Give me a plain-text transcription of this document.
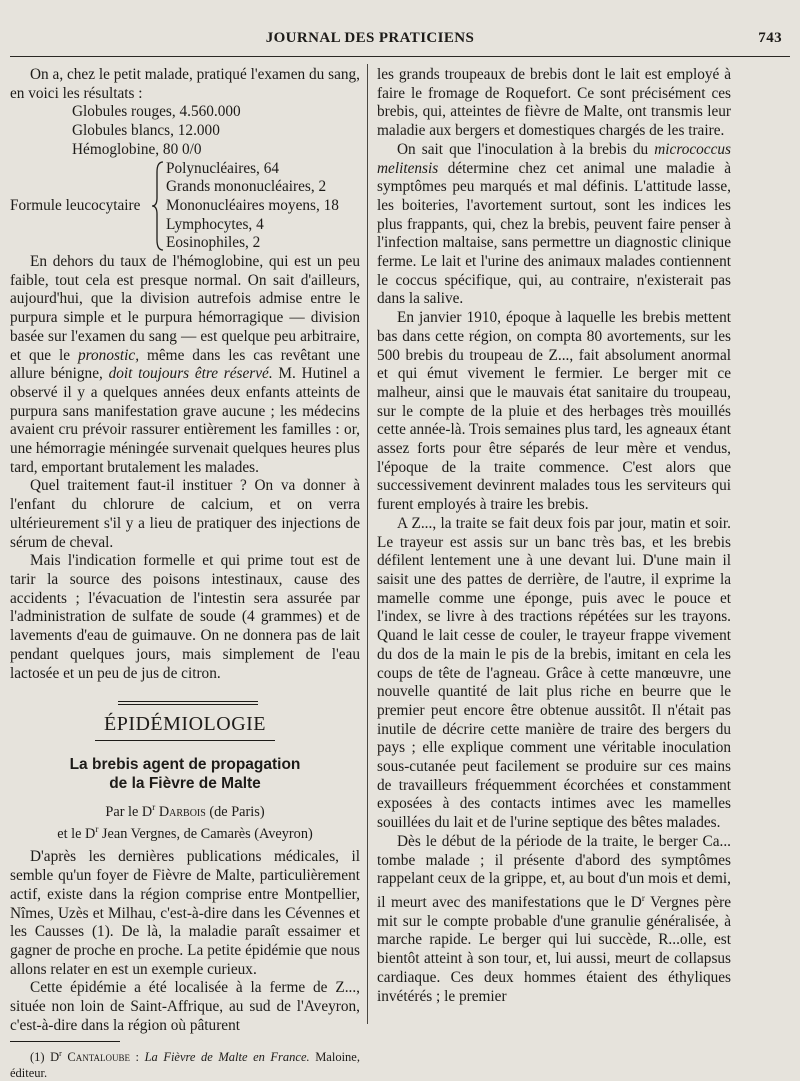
JOURNAL DES PRATICIENS	743

On a, chez le petit malade, pratiqué l'examen du sang, en voici les résultats :

Globules rouges, 4.560.000
Globules blancs, 12.000
Hémoglobine, 80 0/0
Formule leucocytaire
Polynucléaires, 64
Grands mononucléaires, 2
Mononucléaires moyens, 18
Lymphocytes, 4
Eosinophiles, 2

En dehors du taux de l'hémoglobine, qui est un peu faible, tout cela est presque normal. On sait d'ailleurs, aujourd'hui, que la division autrefois admise entre le purpura simple et le purpura hémorragique — division basée sur l'examen du sang — est quelque peu arbitraire, et que le pronostic, même dans les cas revêtant une allure bénigne, doit toujours être réservé. M. Hutinel a observé il y a quelques années deux enfants atteints de purpura sans manifestation grave aucune ; les médecins avaient cru prévoir rassurer entièrement les familles : or, une hémorragie méningée survenait quelques heures plus tard, emportant brutalement les malades.

Quel traitement faut-il instituer ? On va donner à l'enfant du chlorure de calcium, et on verra ultérieurement s'il y a lieu de pratiquer des injections de sérum de cheval.

Mais l'indication formelle et qui prime tout est de tarir la source des poisons intestinaux, cause des accidents ; l'évacuation de l'intestin sera assurée par l'administration de sulfate de soude (4 grammes) et de lavements d'eau de guimauve. On ne donnera pas de lait pendant quelques jours, mais simplement de l'eau lactosée et un peu de jus de citron.

ÉPIDÉMIOLOGIE
La brebis agent de propagation
de la Fièvre de Malte
Par le $D^r$ Darbois (de Paris)
et le $D^r$ Jean Vergnes, de Camarès (Aveyron)

D'après les dernières publications médicales, il semble qu'un foyer de Fièvre de Malte, particulièrement actif, existe dans la région comprise entre Montpellier, Nîmes, Uzès et Milhau, c'est-à-dire dans les Cévennes et les Causses (1). De là, la maladie paraît essaimer et gagner de proche en proche. La petite épidémie que nous allons relater en est un exemple curieux.

Cette épidémie a été localisée à la ferme de Z..., située non loin de Saint-Affrique, au sud de l'Aveyron, c'est-à-dire dans la région où pâturent

(1) $D^r$ Cantaloube : La Fièvre de Malte en France. Maloine, éditeur.

les grands troupeaux de brebis dont le lait est employé à faire le fromage de Roquefort. Ce sont précisément ces brebis, qui, atteintes de fièvre de Malte, ont transmis leur maladie aux bergers et domestiques chargés de les traire.

On sait que l'inoculation à la brebis du micrococcus melitensis détermine chez cet animal une maladie à symptômes peu marqués et mal définis. L'attitude lasse, les boiteries, l'avortement surtout, sont les indices les plus frappants, qui, chez la brebis, peuvent faire penser à l'infection maltaise, sans permettre un diagnostic clinique ferme. Le lait et l'urine des animaux malades contiennent le coccus spécifique, qui, au contraire, n'existerait pas dans la salive.

En janvier 1910, époque à laquelle les brebis mettent bas dans cette région, on compta 80 avortements, sur les 500 brebis du troupeau de Z..., fait absolument anormal et qui émut vivement le fermier. Le berger mit ce malheur, ainsi que le mauvais état sanitaire du troupeau, sur le compte de la pluie et des herbages très mouillés cette année-là. Trois semaines plus tard, les agneaux étant assez forts pour être séparés de leur mère et vendus, l'époque de la traite commence. C'est alors que successivement devinrent malades tous les serviteurs qui furent employés à traire les brebis.

A Z..., la traite se fait deux fois par jour, matin et soir. Le trayeur est assis sur un banc très bas, et les brebis défilent lentement une à une devant lui. D'une main il saisit une des pattes de derrière, de l'autre, il exprime la mamelle comme une éponge, puis avec le pouce et l'index, se livre à des tractions répétées sur les trayons. Quand le lait cesse de couler, le trayeur frappe vivement du dos de la main le pis de la brebis, imitant en cela les coups de tête de l'agneau. Grâce à cette manœuvre, une nouvelle quantité de lait plus riche en beurre que le premier peut encore être obtenue aussitôt. Il n'était pas inutile de décrire cette manière de traire des bergers du pays ; elle explique comment une véritable inoculation sous-cutanée peut facilement se produire sur ces mains de travailleurs fréquemment écorchées et constamment exposées à des contacts intimes avec les mamelles souillées du lait et de l'urine septique des bêtes malades.

Dès le début de la période de la traite, le berger Ca... tombe malade ; il présente d'abord des symptômes rappelant ceux de la grippe, et, au bout d'un mois et demi, il meurt avec des manifestations que le $D^r$ Vergnes père mit sur le compte probable d'une granulie généralisée, à marche rapide. Le berger qui lui succède, R...olle, est bientôt atteint à son tour, et, lui aussi, meurt de collapsus cardiaque. Ces deux hommes étaient des éthyliques invétérés ; le premier
